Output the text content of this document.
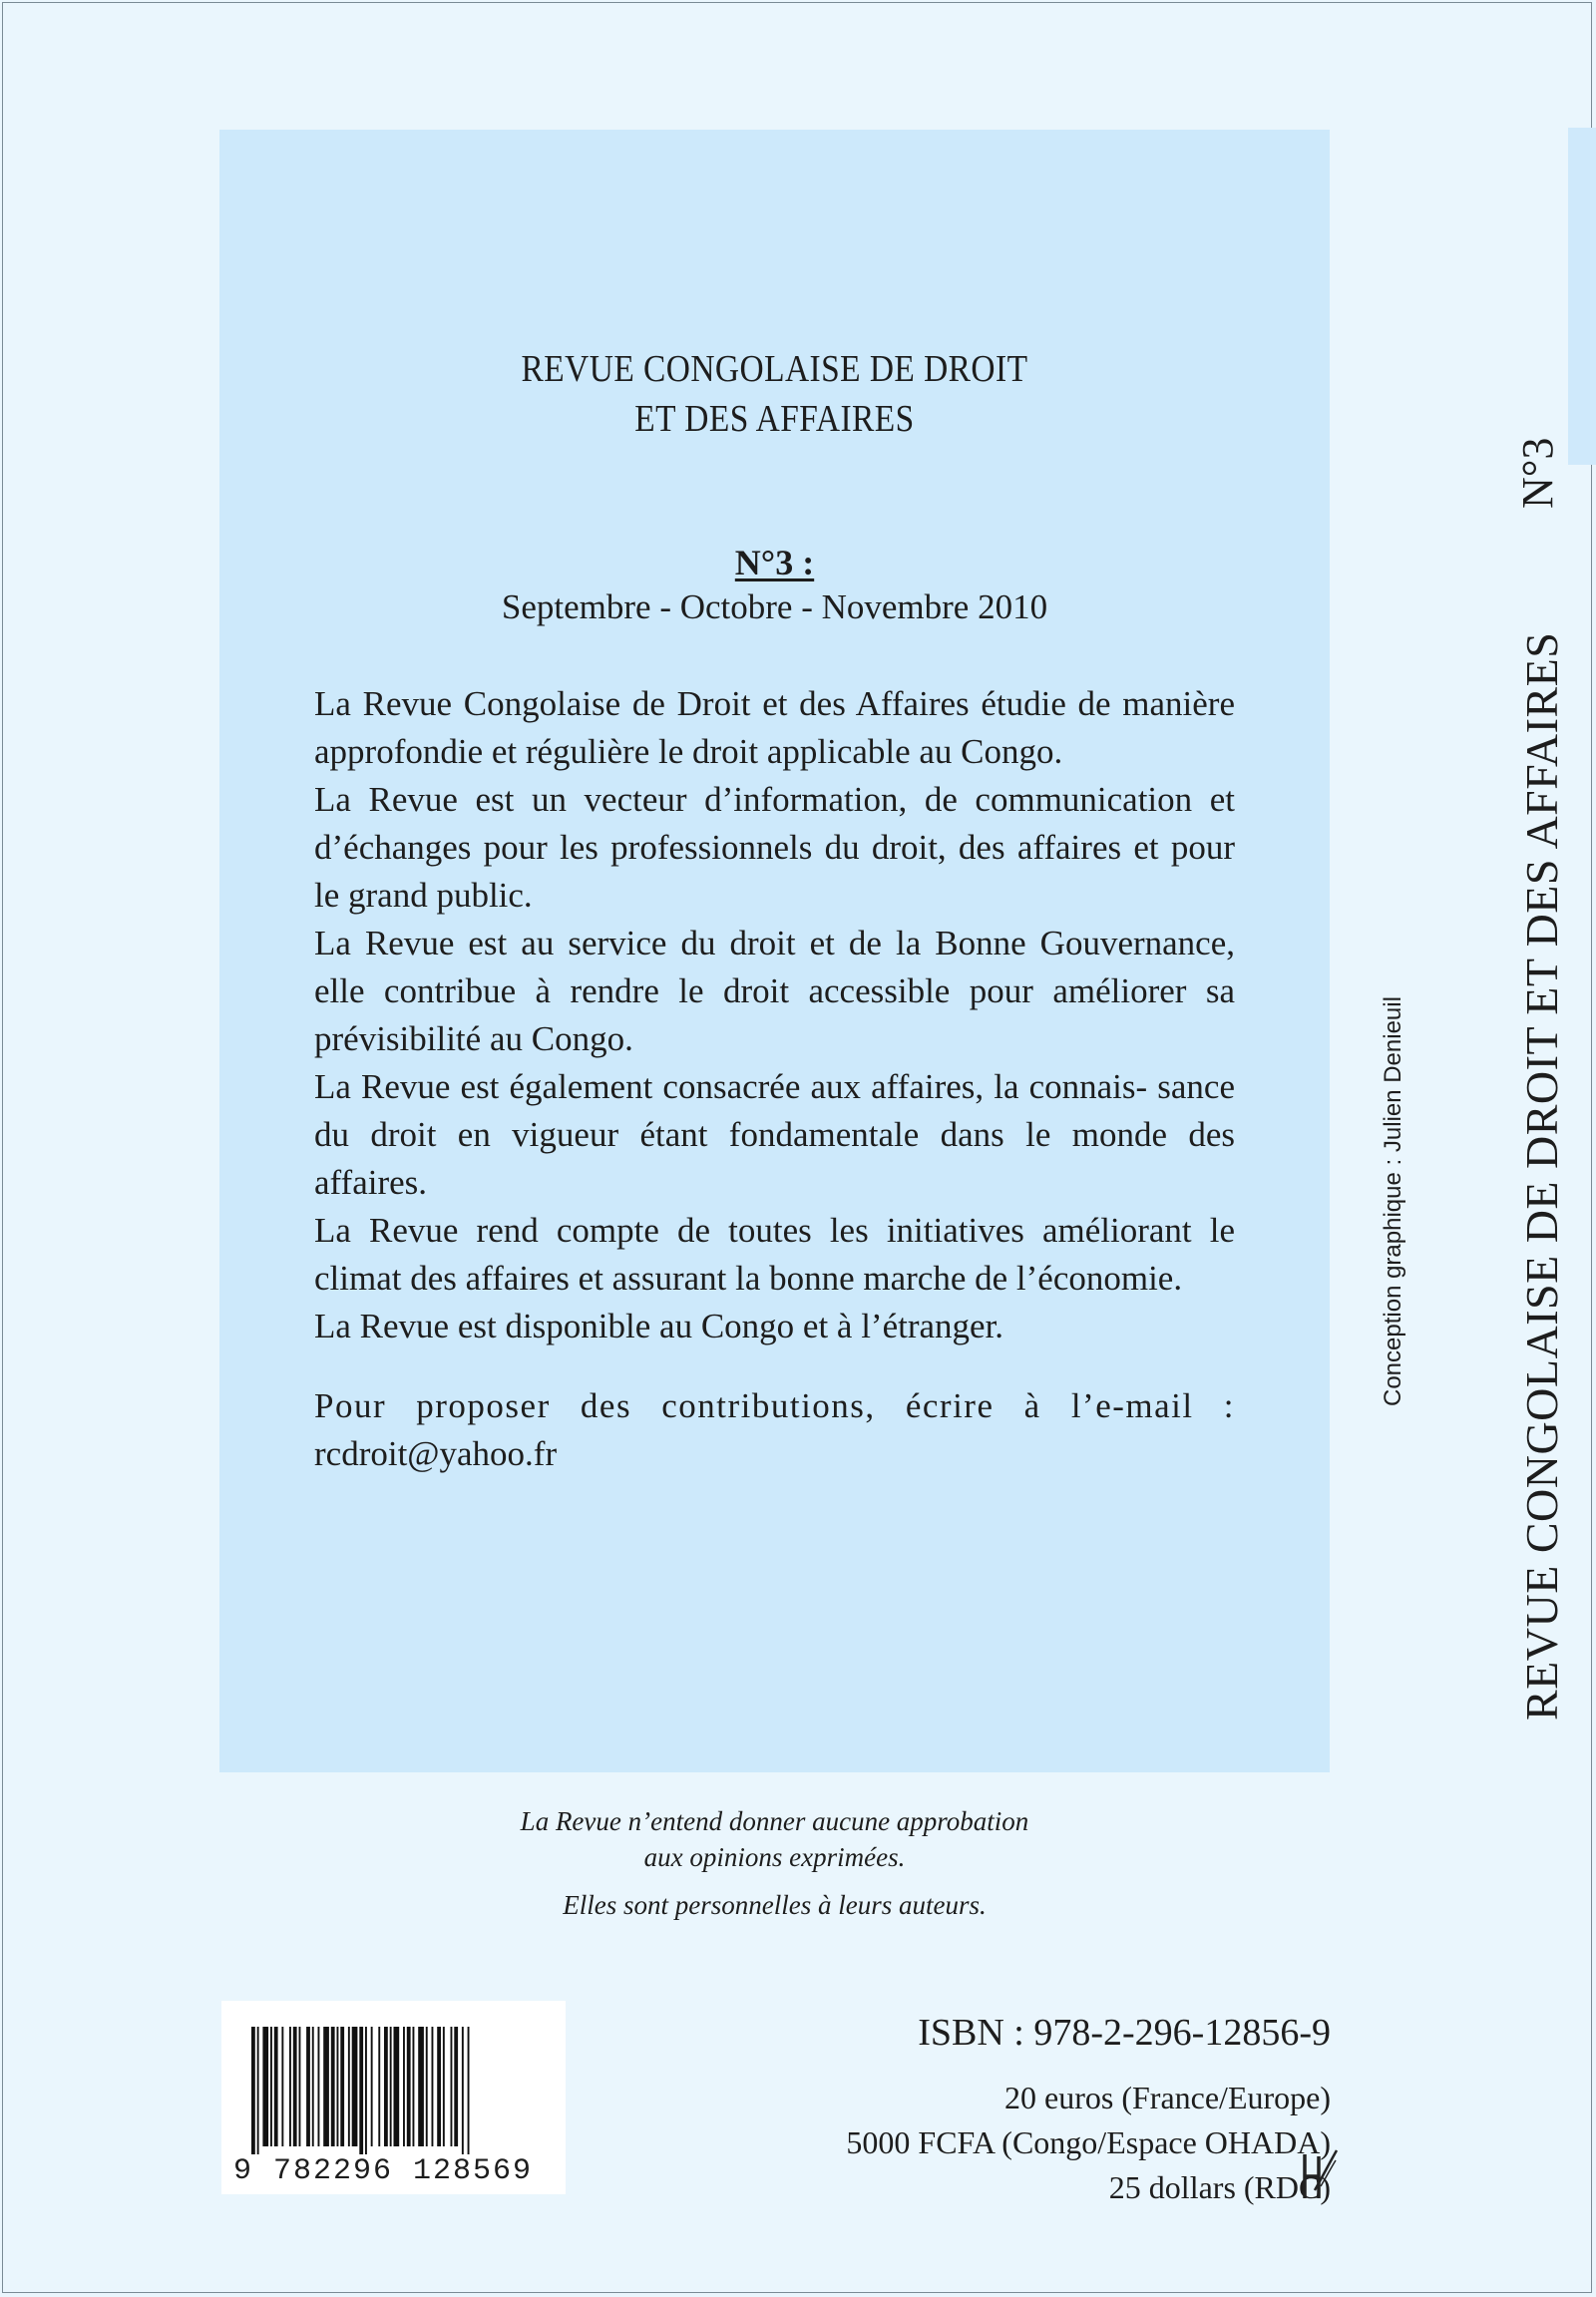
REVUE CONGOLAISE DE DROIT
ET DES AFFAIRES
N°3 :
Septembre - Octobre - Novembre 2010

La Revue Congolaise de Droit et des Affaires étudie de manière approfondie et régulière le droit applicable au Congo.

La Revue est un vecteur d’information, de communication et d’échanges pour les professionnels du droit, des affaires et pour le grand public.

La Revue est au service du droit et de la Bonne Gouvernance, elle contribue à rendre le droit accessible pour améliorer sa prévisibilité au Congo.

La Revue est également consacrée aux affaires, la connais- sance du droit en vigueur étant fondamentale dans le monde des affaires.

La Revue rend compte de toutes les initiatives améliorant le climat des affaires et assurant la bonne marche de l’économie.

La Revue est disponible au Congo et à l’étranger.

Pour proposer des contributions, écrire à l’e-mail :

rcdroit@yahoo.fr

La Revue n’entend donner aucune approbation

aux opinions exprimées.

Elles sont personnelles à leurs auteurs.

Conception graphique : Julien Denieuil REVUE CONGOLAISE DE DROIT ET DES AFFAIRES
N°3
9 782296 128569
ISBN : 978-2-296-12856-9
20 euros (France/Europe)
5000 FCFA (Congo/Espace OHADA)
25 dollars (RDC)
